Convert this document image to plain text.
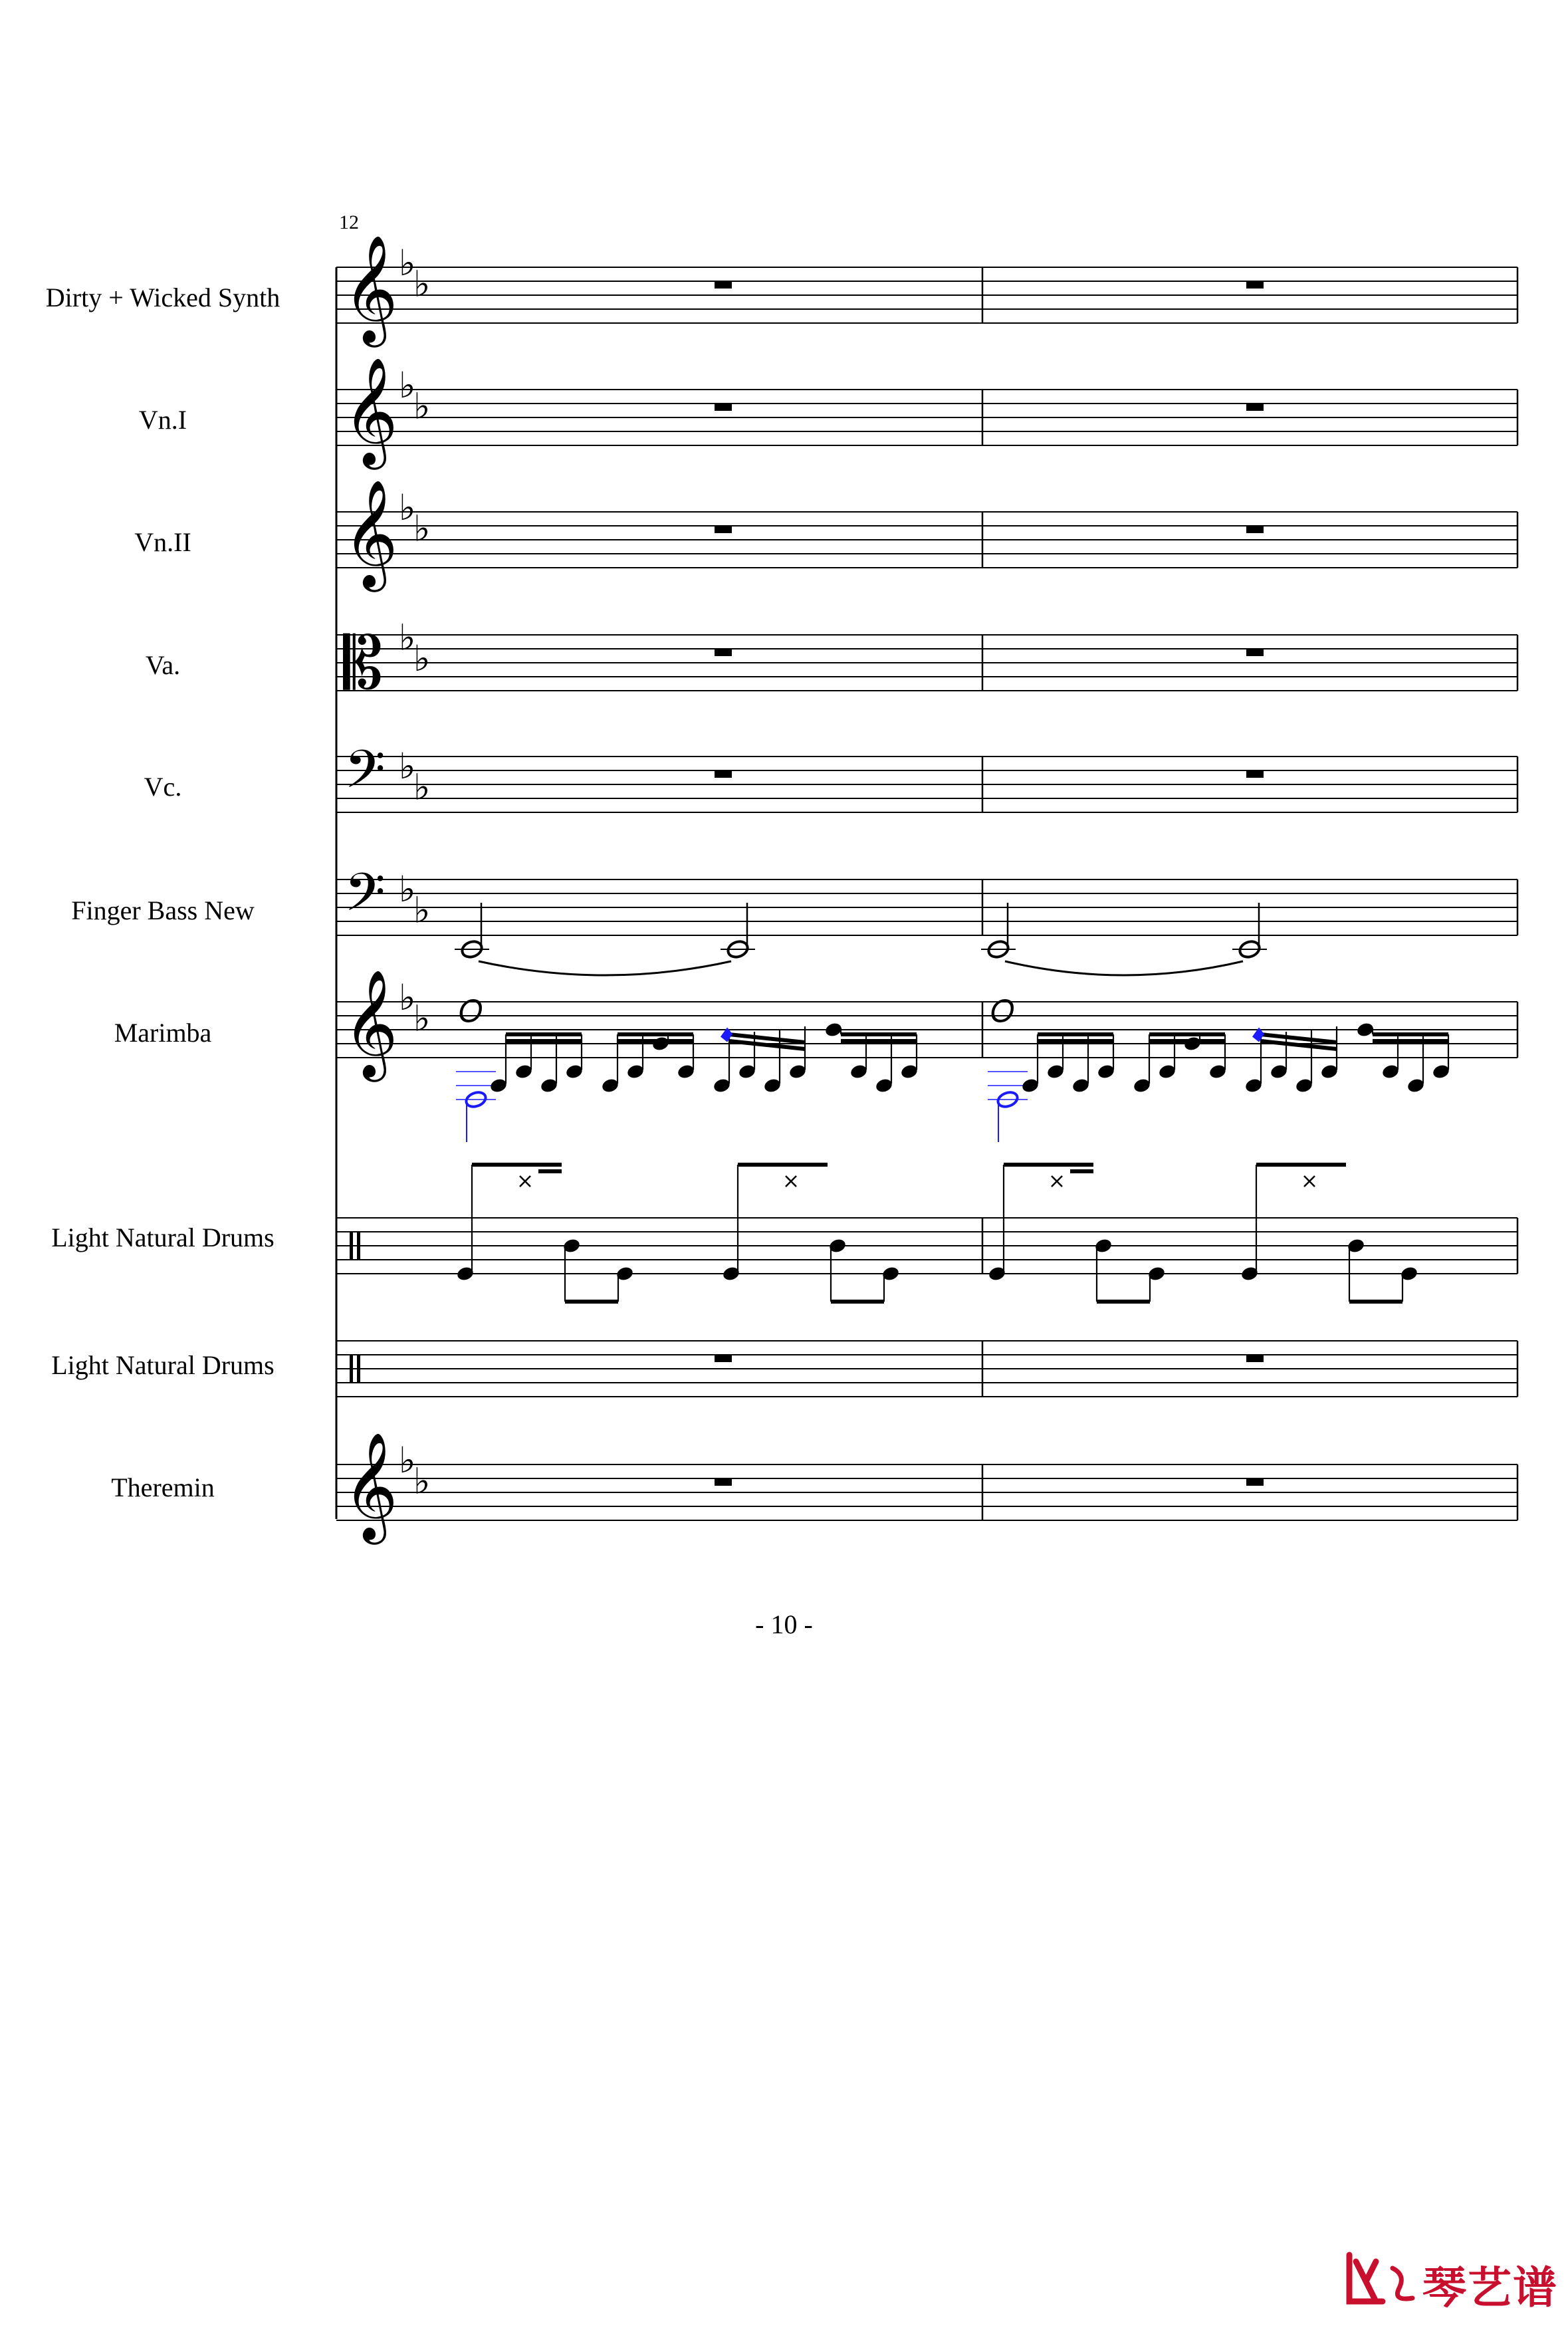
12
Dirty + Wicked Synth
Vn.I
Vn.II
Va.
Vc.
Finger Bass New
Marimba
Light Natural Drums
Light Natural Drums
Theremin
𝄞 ♭
♭
𝄞 ♭
♭
𝄞 ♭
♭
𝄡 ♭
♭
𝄢 ♭
♭
𝄢 ♭
♭
𝄞 ♭
♭
𝄞 ♭
♭
𝑂	𝑂
- 10 -
琴艺谱
